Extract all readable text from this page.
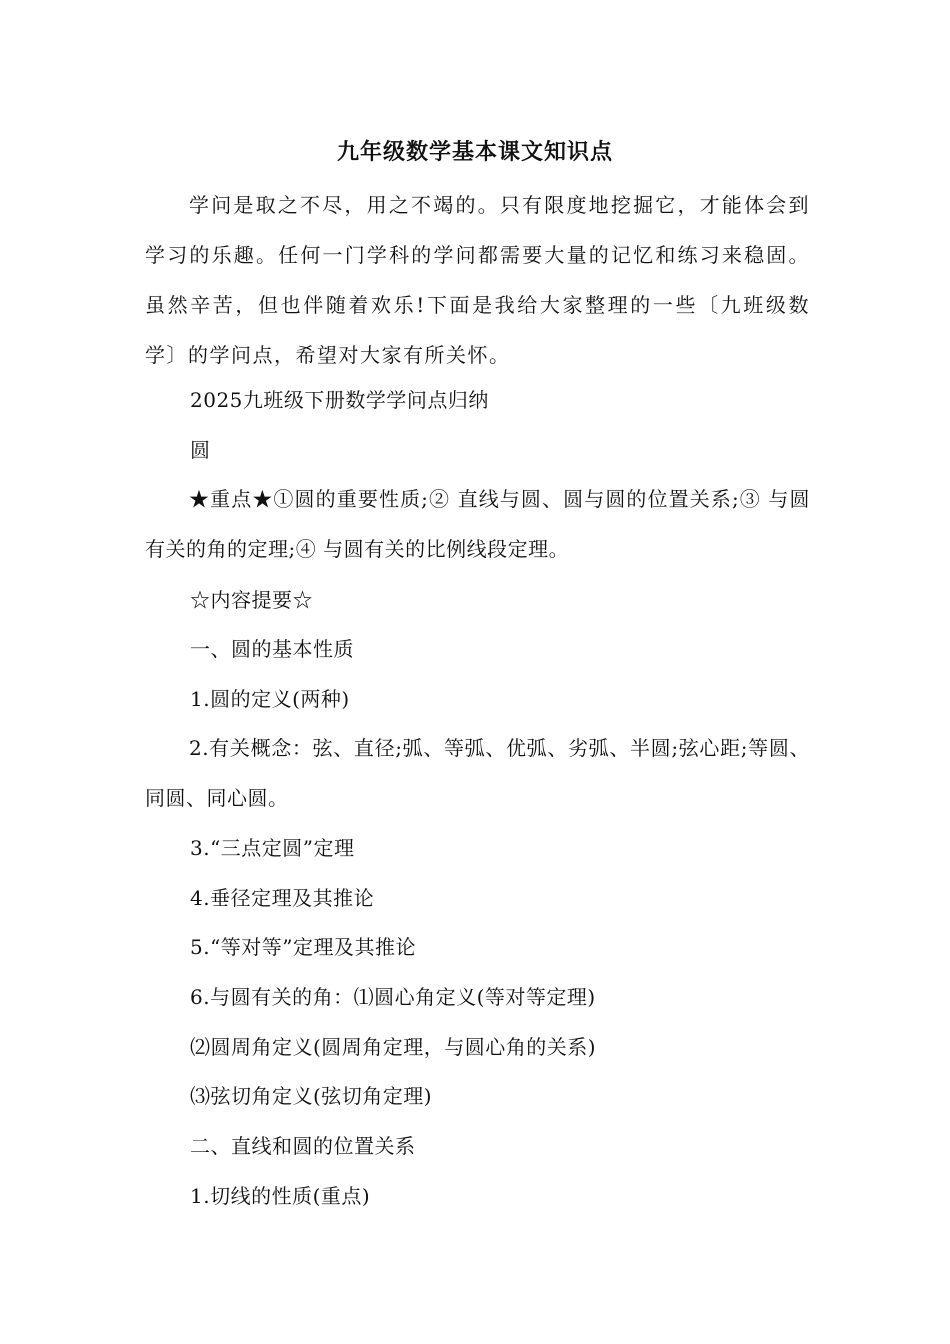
九年级数学基本课文知识点

学问是取之不尽，用之不竭的。只有限度地挖掘它，才能体会到学习的乐趣。任何一门学科的学问都需要大量的记忆和练习来稳固。虽然辛苦，但也伴随着欢乐!下面是我给大家整理的一些〔九班级数学〕的学问点，希望对大家有所关怀。

2025九班级下册数学学问点归纳
圆

★重点★①圆的重要性质;② 直线与圆、圆与圆的位置关系;③ 与圆有关的角的定理;④ 与圆有关的比例线段定理。

☆内容提要☆
一、圆的基本性质
1.圆的定义(两种)

2.有关概念：弦、直径;弧、等弧、优弧、劣弧、半圆;弦心距;等圆、同圆、同心圆。

3.“三点定圆”定理
4.垂径定理及其推论
5.“等对等”定理及其推论
6.与圆有关的角：⑴圆心角定义(等对等定理)
⑵圆周角定义(圆周角定理，与圆心角的关系)
⑶弦切角定义(弦切角定理)
二、直线和圆的位置关系
1.切线的性质(重点)
